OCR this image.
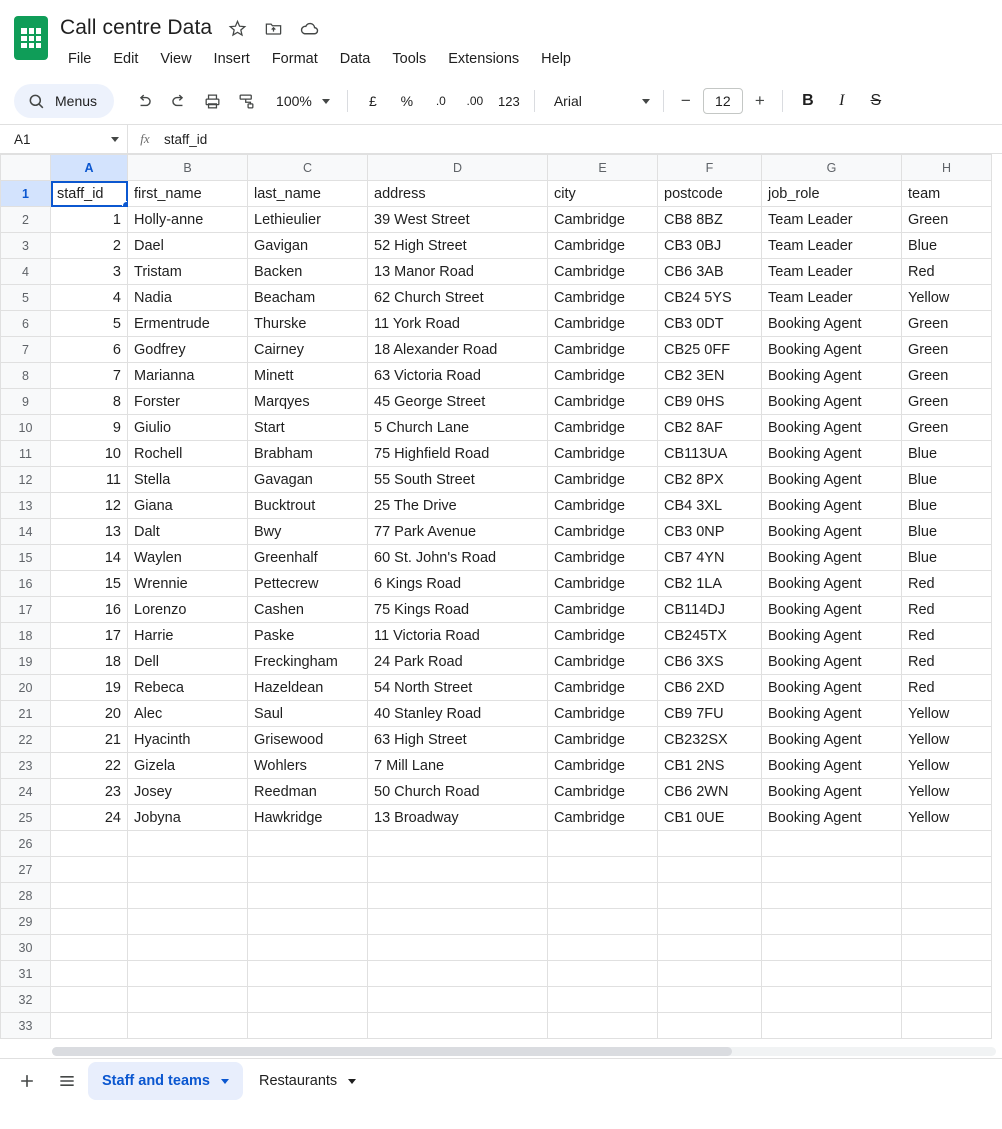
Call centre Data
File	Edit	View	Insert	Format	Data	Tools	Extensions	Help
Menus	100%	£	%	.0	.00	123	Arial	−	12	+	B	I	S
A1	fx	staff_id
	A	B	C	D	E	F	G	H
1	staff_id	first_name	last_name	address	city	postcode	job_role	team
2	1	Holly-anne	Lethieulier	39 West Street	Cambridge	CB8 8BZ	Team Leader	Green
3	2	Dael	Gavigan	52 High Street	Cambridge	CB3 0BJ	Team Leader	Blue
4	3	Tristam	Backen	13 Manor Road	Cambridge	CB6 3AB	Team Leader	Red
5	4	Nadia	Beacham	62 Church Street	Cambridge	CB24 5YS	Team Leader	Yellow
6	5	Ermentrude	Thurske	11 York Road	Cambridge	CB3 0DT	Booking Agent	Green
7	6	Godfrey	Cairney	18 Alexander Road	Cambridge	CB25 0FF	Booking Agent	Green
8	7	Marianna	Minett	63 Victoria Road	Cambridge	CB2 3EN	Booking Agent	Green
9	8	Forster	Marqyes	45 George Street	Cambridge	CB9 0HS	Booking Agent	Green
10	9	Giulio	Start	5 Church Lane	Cambridge	CB2 8AF	Booking Agent	Green
11	10	Rochell	Brabham	75 Highfield Road	Cambridge	CB113UA	Booking Agent	Blue
12	11	Stella	Gavagan	55 South Street	Cambridge	CB2 8PX	Booking Agent	Blue
13	12	Giana	Bucktrout	25 The Drive	Cambridge	CB4 3XL	Booking Agent	Blue
14	13	Dalt	Bwy	77 Park Avenue	Cambridge	CB3 0NP	Booking Agent	Blue
15	14	Waylen	Greenhalf	60 St. John's Road	Cambridge	CB7 4YN	Booking Agent	Blue
16	15	Wrennie	Pettecrew	6 Kings Road	Cambridge	CB2 1LA	Booking Agent	Red
17	16	Lorenzo	Cashen	75 Kings Road	Cambridge	CB114DJ	Booking Agent	Red
18	17	Harrie	Paske	11 Victoria Road	Cambridge	CB245TX	Booking Agent	Red
19	18	Dell	Freckingham	24 Park Road	Cambridge	CB6 3XS	Booking Agent	Red
20	19	Rebeca	Hazeldean	54 North Street	Cambridge	CB6 2XD	Booking Agent	Red
21	20	Alec	Saul	40 Stanley Road	Cambridge	CB9 7FU	Booking Agent	Yellow
22	21	Hyacinth	Grisewood	63 High Street	Cambridge	CB232SX	Booking Agent	Yellow
23	22	Gizela	Wohlers	7 Mill Lane	Cambridge	CB1 2NS	Booking Agent	Yellow
24	23	Josey	Reedman	50 Church Road	Cambridge	CB6 2WN	Booking Agent	Yellow
25	24	Jobyna	Hawkridge	13 Broadway	Cambridge	CB1 0UE	Booking Agent	Yellow
26								
27								
28								
29								
30								
31								
32								
33								
Staff and teams	Restaurants
